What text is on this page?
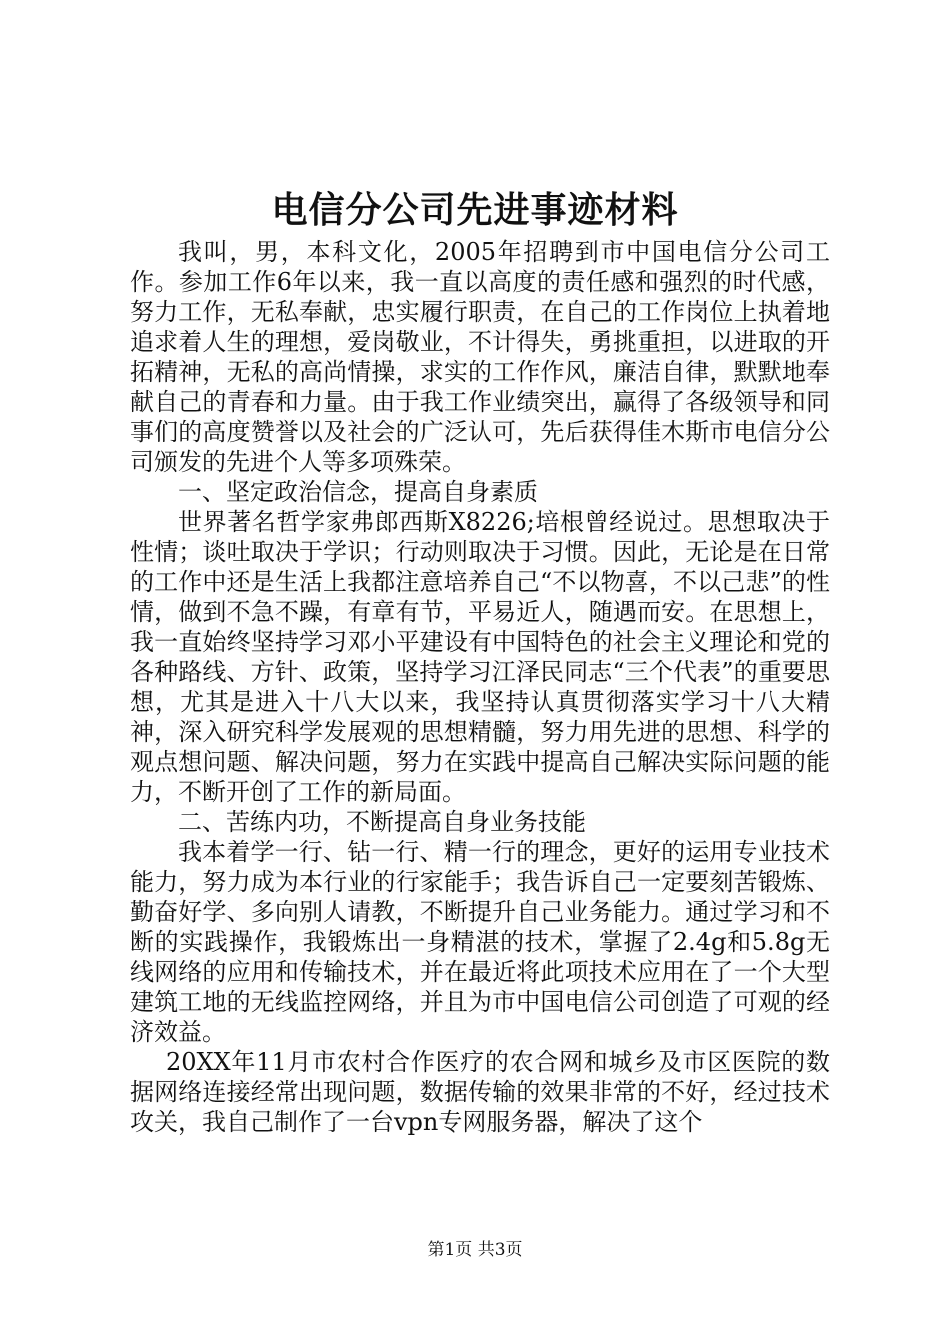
电信分公司先进事迹材料

我叫，男，本科文化，2005年招聘到市中国电信分公司工作。参加工作6年以来，我一直以高度的责任感和强烈的时代感，努力工作，无私奉献，忠实履行职责，在自己的工作岗位上执着地追求着人生的理想，爱岗敬业，不计得失，勇挑重担，以进取的开拓精神，无私的高尚情操，求实的工作作风，廉洁自律，默默地奉献自己的青春和力量。由于我工作业绩突出，赢得了各级领导和同事们的高度赞誉以及社会的广泛认可，先后获得佳木斯市电信分公司颁发的先进个人等多项殊荣。

一、坚定政治信念，提高自身素质

世界著名哲学家弗郎西斯X8226;培根曾经说过。思想取决于性情；谈吐取决于学识；行动则取决于习惯。因此，无论是在日常的工作中还是生活上我都注意培养自己“不以物喜，不以己悲”的性情，做到不急不躁，有章有节，平易近人，随遇而安。在思想上，我一直始终坚持学习邓小平建设有中国特色的社会主义理论和党的各种路线、方针、政策，坚持学习江泽民同志“三个代表”的重要思想，尤其是进入十八大以来，我坚持认真贯彻落实学习十八大精神，深入研究科学发展观的思想精髓，努力用先进的思想、科学的观点想问题、解决问题，努力在实践中提高自己解决实际问题的能力，不断开创了工作的新局面。

二、苦练内功，不断提高自身业务技能

我本着学一行、钻一行、精一行的理念，更好的运用专业技术能力，努力成为本行业的行家能手；我告诉自己一定要刻苦锻炼、勤奋好学、多向别人请教，不断提升自己业务能力。通过学习和不断的实践操作，我锻炼出一身精湛的技术，掌握了2.4g和5.8g无线网络的应用和传输技术，并在最近将此项技术应用在了一个大型建筑工地的无线监控网络，并且为市中国电信公司创造了可观的经济效益。

20XX年11月市农村合作医疗的农合网和城乡及市区医院的数据网络连接经常出现问题，数据传输的效果非常的不好，经过技术攻关，我自己制作了一台vpn专网服务器，解决了这个

第1页 共3页
